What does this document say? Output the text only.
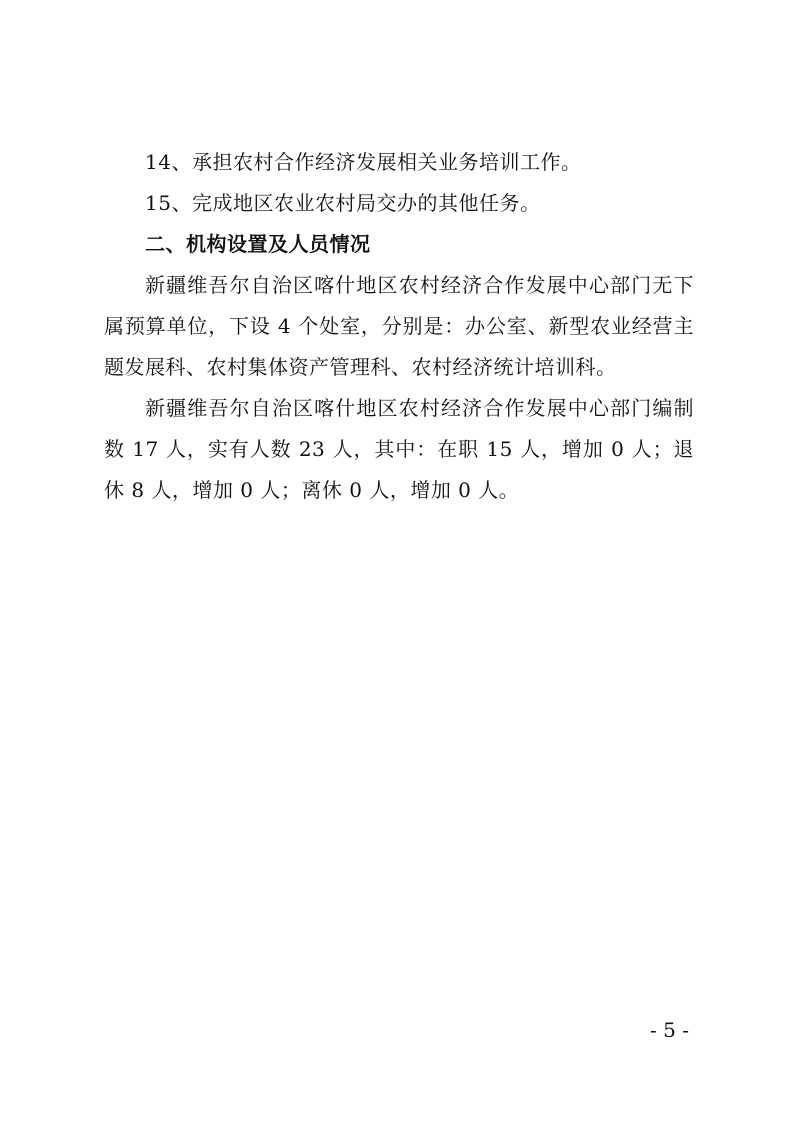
14、承担农村合作经济发展相关业务培训工作。

15、完成地区农业农村局交办的其他任务。

二、机构设置及人员情况

新疆维吾尔自治区喀什地区农村经济合作发展中心部门无下属预算单位，下设 4 个处室，分别是：办公室、新型农业经营主题发展科、农村集体资产管理科、农村经济统计培训科。

新疆维吾尔自治区喀什地区农村经济合作发展中心部门编制数 17 人，实有人数 23 人，其中：在职 15 人，增加 0 人；退休 8 人，增加 0 人；离休 0 人，增加 0 人。

- 5 -
